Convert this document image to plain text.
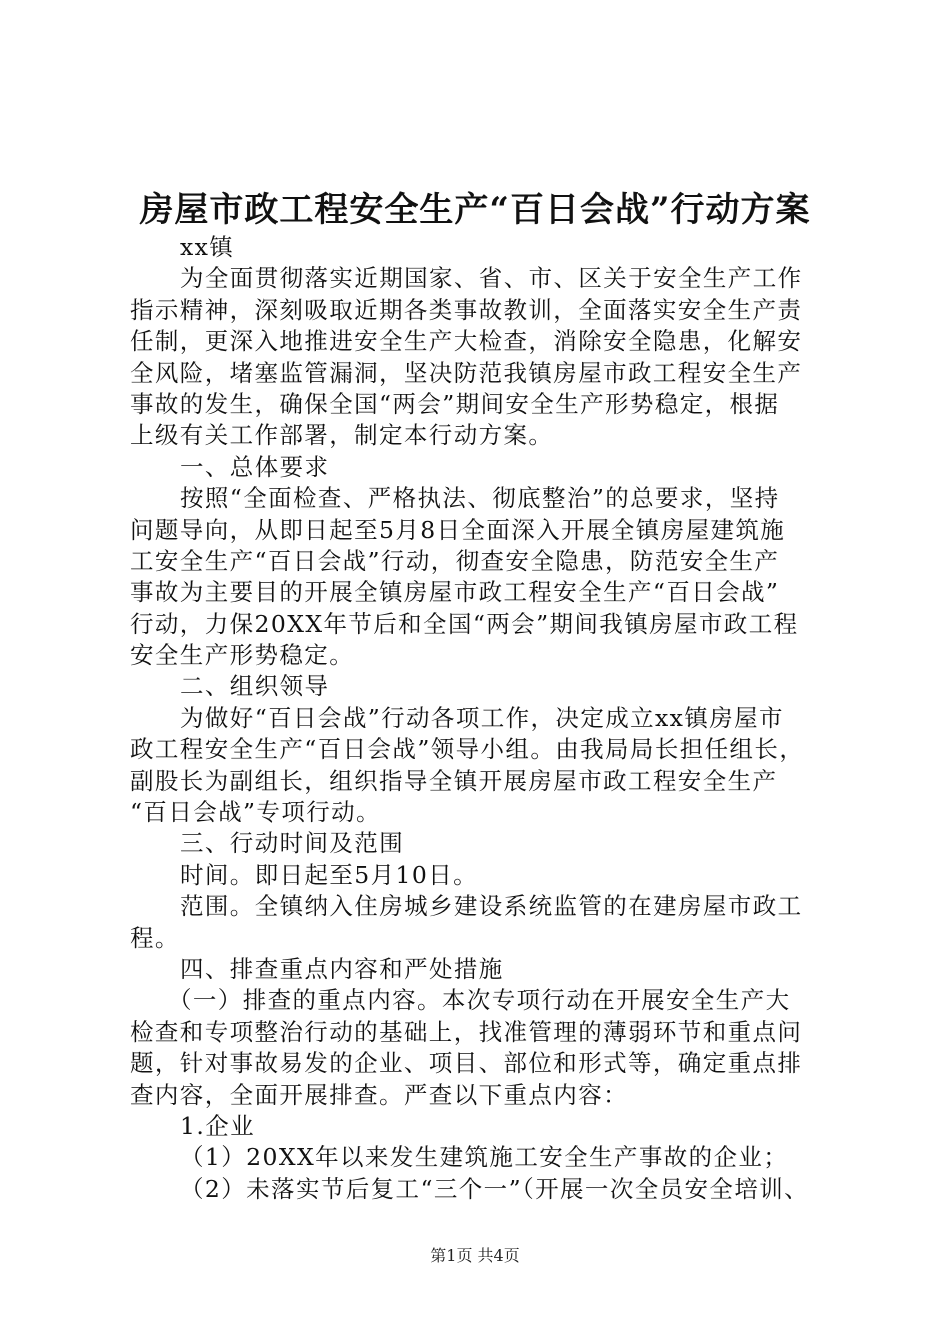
房屋市政工程安全生产“百日会战”行动方案
xx镇
为全面贯彻落实近期国家、省、市、区关于安全生产工作
指示精神，深刻吸取近期各类事故教训，全面落实安全生产责
任制，更深入地推进安全生产大检查，消除安全隐患，化解安
全风险，堵塞监管漏洞，坚决防范我镇房屋市政工程安全生产
事故的发生，确保全国“两会”期间安全生产形势稳定，根据
上级有关工作部署，制定本行动方案。
一、总体要求
按照“全面检查、严格执法、彻底整治”的总要求，坚持
问题导向，从即日起至5月8日全面深入开展全镇房屋建筑施
工安全生产“百日会战”行动，彻查安全隐患，防范安全生产
事故为主要目的开展全镇房屋市政工程安全生产“百日会战”
行动，力保20XX年节后和全国“两会”期间我镇房屋市政工程
安全生产形势稳定。
二、组织领导
为做好“百日会战”行动各项工作，决定成立xx镇房屋市
政工程安全生产“百日会战”领导小组。由我局局长担任组长，
副股长为副组长，组织指导全镇开展房屋市政工程安全生产
“百日会战”专项行动。
三、行动时间及范围
时间。即日起至5月10日。
范围。全镇纳入住房城乡建设系统监管的在建房屋市政工
程。
四、排查重点内容和严处措施
（一）排查的重点内容。本次专项行动在开展安全生产大
检查和专项整治行动的基础上，找准管理的薄弱环节和重点问
题，针对事故易发的企业、项目、部位和形式等，确定重点排
查内容，全面开展排查。严查以下重点内容：
1.企业
（1）20XX年以来发生建筑施工安全生产事故的企业；
（2）未落实节后复工“三个一”（开展一次全员安全培训、
第1页 共4页
